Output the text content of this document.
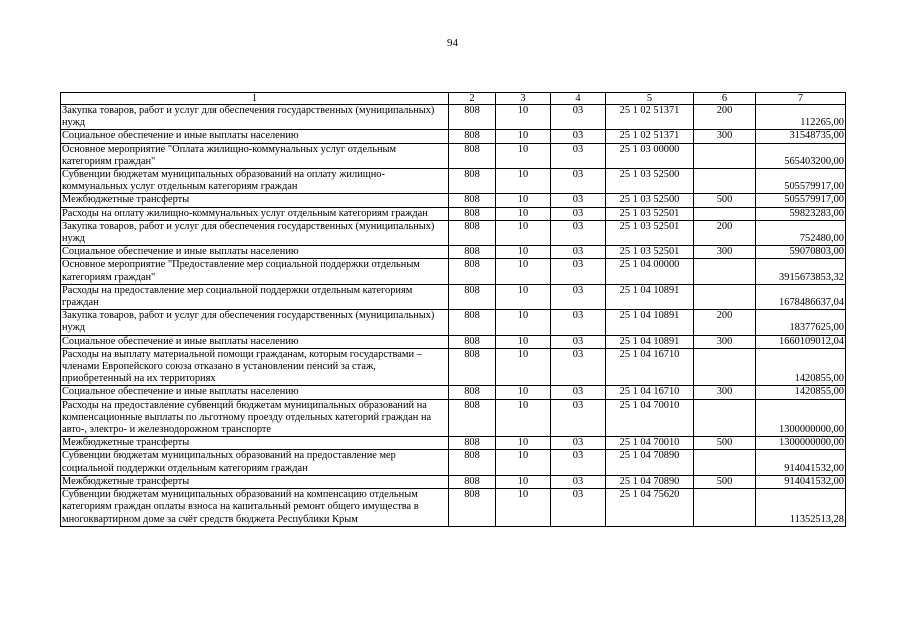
94
1	2	3	4	5	6	7
Закупка товаров, работ и услуг для обеспечения государственных (муниципальных) нужд	808	10	03	25 1 02 51371	200	112265,00
Социальное обеспечение и иные выплаты населению	808	10	03	25 1 02 51371	300	31548735,00
Основное мероприятие "Оплата жилищно-коммунальных услуг отдельным категориям граждан"	808	10	03	25 1 03 00000		565403200,00
Субвенции бюджетам муниципальных образований на оплату жилищно-коммунальных услуг отдельным категориям граждан	808	10	03	25 1 03 52500		505579917,00
Межбюджетные трансферты	808	10	03	25 1 03 52500	500	505579917,00
Расходы на оплату жилищно-коммунальных услуг отдельным категориям граждан	808	10	03	25 1 03 52501		59823283,00
Закупка товаров, работ и услуг для обеспечения государственных (муниципальных) нужд	808	10	03	25 1 03 52501	200	752480,00
Социальное обеспечение и иные выплаты населению	808	10	03	25 1 03 52501	300	59070803,00
Основное мероприятие "Предоставление мер социальной поддержки отдельным категориям граждан"	808	10	03	25 1 04 00000		3915673853,32
Расходы на предоставление мер социальной поддержки отдельным категориям граждан	808	10	03	25 1 04 10891		1678486637,04
Закупка товаров, работ и услуг для обеспечения государственных (муниципальных) нужд	808	10	03	25 1 04 10891	200	18377625,00
Социальное обеспечение и иные выплаты населению	808	10	03	25 1 04 10891	300	1660109012,04
Расходы на выплату материальной помощи гражданам, которым государствами – членами Европейского союза отказано в установлении пенсий за стаж, приобретенный на их территориях	808	10	03	25 1 04 16710		1420855,00
Социальное обеспечение и иные выплаты населению	808	10	03	25 1 04 16710	300	1420855,00
Расходы на предоставление субвенций бюджетам муниципальных образований на компенсационные выплаты по льготному проезду отдельных категорий граждан на авто-, электро- и железнодорожном транспорте	808	10	03	25 1 04 70010		1300000000,00
Межбюджетные трансферты	808	10	03	25 1 04 70010	500	1300000000,00
Субвенции бюджетам муниципальных образований на предоставление мер социальной поддержки отдельным категориям граждан	808	10	03	25 1 04 70890		914041532,00
Межбюджетные трансферты	808	10	03	25 1 04 70890	500	914041532,00
Субвенции бюджетам муниципальных образований на компенсацию отдельным категориям граждан оплаты взноса на капитальный ремонт общего имущества в многоквартирном доме за счёт средств бюджета Республики Крым	808	10	03	25 1 04 75620		11352513,28
